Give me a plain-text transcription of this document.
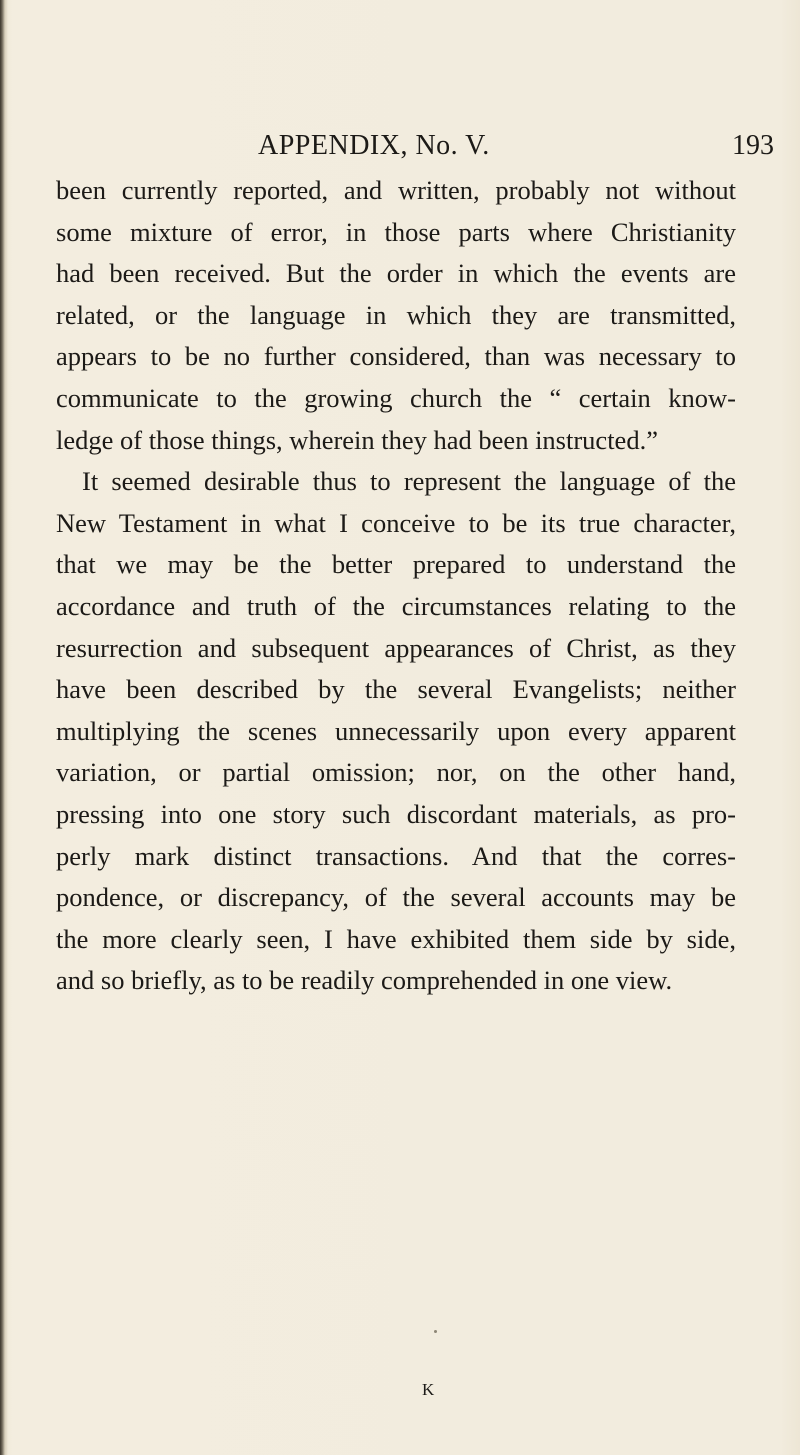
APPENDIX, No. V.	193
been currently reported, and written, probably not without
some mixture of error, in those parts where Christianity
had been received. But the order in which the events are
related, or the language in which they are transmitted,
appears to be no further considered, than was necessary to
communicate to the growing church the “ certain know-
ledge of those things, wherein they had been instructed.”
It seemed desirable thus to represent the language of the
New Testament in what I conceive to be its true character,
that we may be the better prepared to understand the
accordance and truth of the circumstances relating to the
resurrection and subsequent appearances of Christ, as they
have been described by the several Evangelists; neither
multiplying the scenes unnecessarily upon every apparent
variation, or partial omission; nor, on the other hand,
pressing into one story such discordant materials, as pro-
perly mark distinct transactions. And that the corres-
pondence, or discrepancy, of the several accounts may be
the more clearly seen, I have exhibited them side by side,
and so briefly, as to be readily comprehended in one view.
K
